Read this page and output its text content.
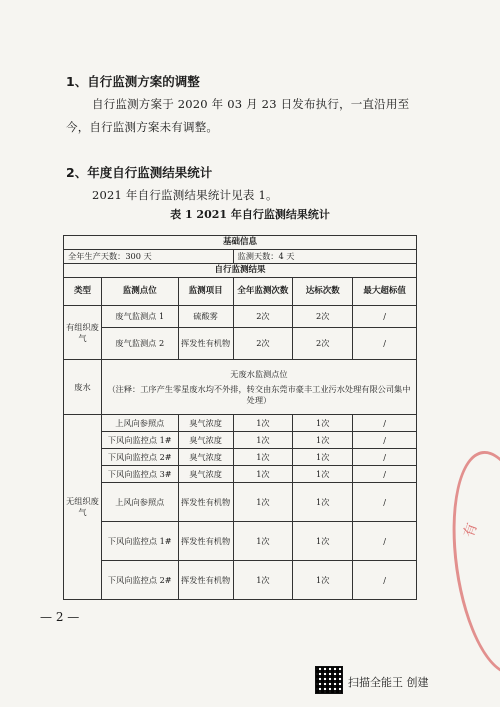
1、自行监测方案的调整
自行监测方案于 2020 年 03 月 23 日发布执行，一直沿用至
今，自行监测方案未有调整。
2、年度自行监测结果统计
2021 年自行监测结果统计见表 1。
表 1 2021 年自行监测结果统计
基础信息					
全年生产天数：300 天			监测天数：4 天		
自行监测结果					
类型	监测点位	监测项目	全年监测次数	达标次数	最大超标值
有组织废气	废气监测点 1	硫酸雾	2次	2次	/
	废气监测点 2	挥发性有机物	2次	2次	/
废水	无废水监测点位
（注释：工序产生零星废水均不外排，转交由东莞市豪丰工业污水处理有限公司集中处理）				

无组织废气	上风向参照点	臭气浓度	1次	1次	/
	下风向监控点 1#	臭气浓度	1次	1次	/
	下风向监控点 2#	臭气浓度	1次	1次	/
	下风向监控点 3#	臭气浓度	1次	1次	/
	上风向参照点	挥发性有机物	1次	1次	/
	下风向监控点 1#	挥发性有机物	1次	1次	/
	下风向监控点 2#	挥发性有机物	1次	1次	/
— 2 —
有
扫描全能王 创建
